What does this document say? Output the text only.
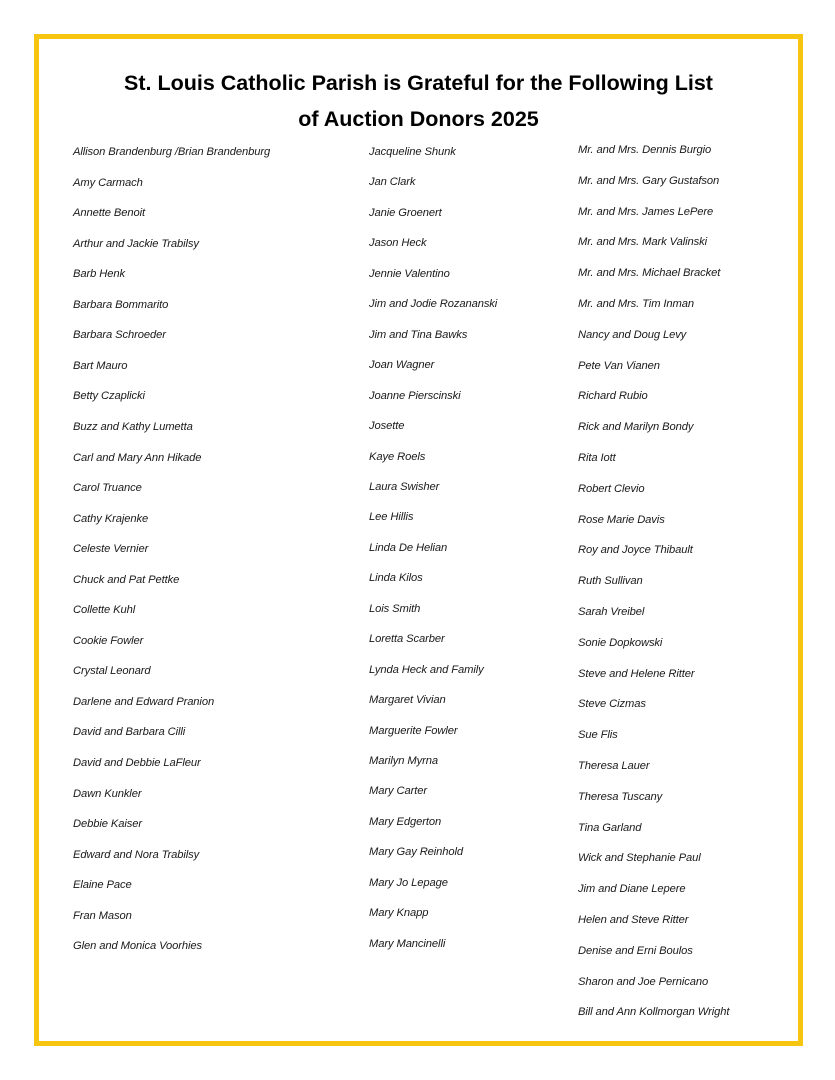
St. Louis Catholic Parish is Grateful for the Following List
of Auction Donors 2025
Allison Brandenburg /Brian Brandenburg
Amy Carmach
Annette Benoit
Arthur and Jackie Trabilsy
Barb Henk
Barbara Bommarito
Barbara Schroeder
Bart Mauro
Betty Czaplicki
Buzz and Kathy Lumetta
Carl and Mary Ann Hikade
Carol Truance
Cathy Krajenke
Celeste Vernier
Chuck and Pat Pettke
Collette Kuhl
Cookie Fowler
Crystal Leonard
Darlene and Edward Pranion
David and Barbara Cilli
David and Debbie LaFleur
Dawn Kunkler
Debbie Kaiser
Edward and Nora Trabilsy
Elaine Pace
Fran Mason
Glen and Monica Voorhies
Jacqueline Shunk
Jan Clark
Janie Groenert
Jason Heck
Jennie Valentino
Jim and Jodie Rozananski
Jim and Tina Bawks
Joan Wagner
Joanne Pierscinski
Josette
Kaye Roels
Laura Swisher
Lee Hillis
Linda De Helian
Linda Kilos
Lois Smith
Loretta Scarber
Lynda Heck and Family
Margaret Vivian
Marguerite Fowler
Marilyn Myrna
Mary Carter
Mary Edgerton
Mary Gay Reinhold
Mary Jo Lepage
Mary Knapp
Mary Mancinelli
Mr. and Mrs. Dennis Burgio
Mr. and Mrs. Gary Gustafson
Mr. and Mrs. James LePere
Mr. and Mrs. Mark Valinski
Mr. and Mrs. Michael Bracket
Mr. and Mrs. Tim Inman
Nancy and Doug Levy
Pete Van Vianen
Richard Rubio
Rick and Marilyn Bondy
Rita Iott
Robert Clevio
Rose Marie Davis
Roy and Joyce Thibault
Ruth Sullivan
Sarah Vreibel
Sonie Dopkowski
Steve and Helene Ritter
Steve Cizmas
Sue Flis
Theresa Lauer
Theresa Tuscany
Tina Garland
Wick and Stephanie Paul
Jim and Diane Lepere
Helen and Steve Ritter
Denise and Erni Boulos
Sharon and Joe Pernicano
Bill and Ann Kollmorgan Wright
